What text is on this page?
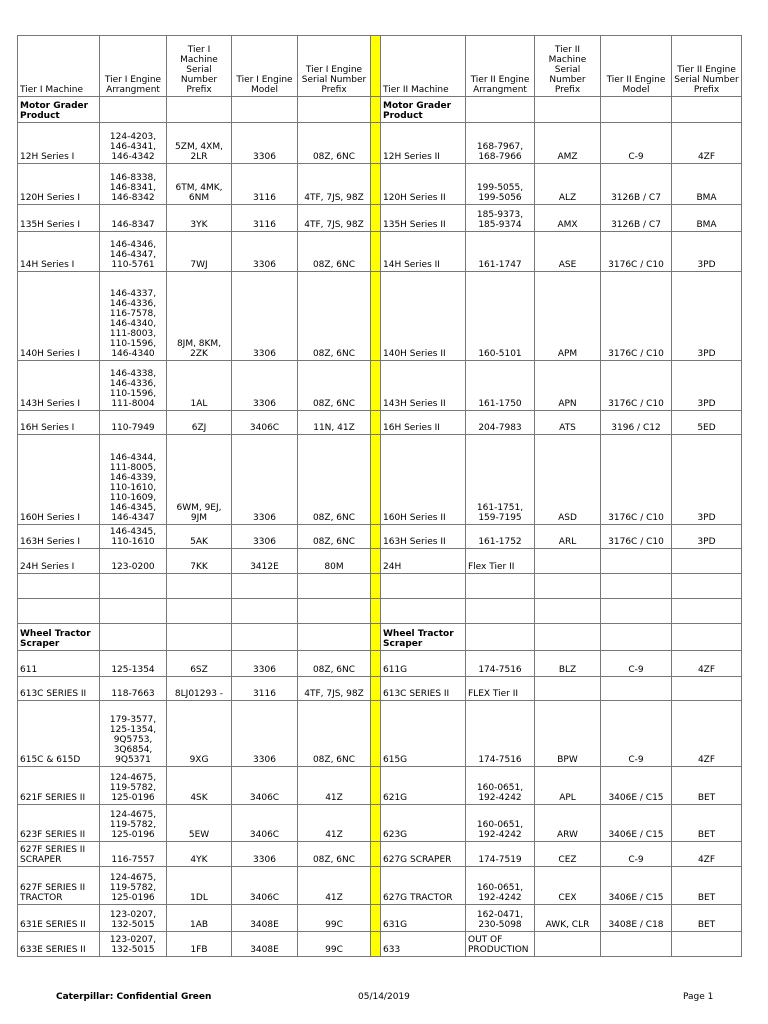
Tier I Machine	Tier I Engine Arrangment	Tier I Machine Serial Number Prefix	Tier I Engine Model	Tier I Engine Serial Number Prefix		Tier II Machine	Tier II Engine Arrangment	Tier II Machine Serial Number Prefix	Tier II Engine Model	Tier II Engine Serial Number Prefix
Motor Grader Product						Motor Grader Product				
12H Series I	124-4203, 146-4341, 146-4342	5ZM, 4XM, 2LR	3306	08Z, 6NC		12H Series II	168-7967, 168-7966	AMZ	C-9	4ZF
120H Series I	146-8338, 146-8341, 146-8342	6TM, 4MK, 6NM	3116	4TF, 7JS, 98Z		120H Series II	199-5055, 199-5056	ALZ	3126B / C7	BMA
135H Series I	146-8347	3YK	3116	4TF, 7JS, 98Z		135H Series II	185-9373, 185-9374	AMX	3126B / C7	BMA
14H Series I	146-4346, 146-4347, 110-5761	7WJ	3306	08Z, 6NC		14H Series II	161-1747	ASE	3176C / C10	3PD
140H Series I	146-4337, 146-4336, 116-7578, 146-4340, 111-8003, 110-1596, 146-4340	8JM, 8KM, 2ZK	3306	08Z, 6NC		140H Series II	160-5101	APM	3176C / C10	3PD
143H Series I	146-4338, 146-4336, 110-1596, 111-8004	1AL	3306	08Z, 6NC		143H Series II	161-1750	APN	3176C / C10	3PD
16H Series I	110-7949	6ZJ	3406C	11N, 41Z		16H Series II	204-7983	ATS	3196 / C12	5ED
160H Series I	146-4344, 111-8005, 146-4339, 110-1610, 110-1609, 146-4345, 146-4347	6WM, 9EJ, 9JM	3306	08Z, 6NC		160H Series II	161-1751, 159-7195	ASD	3176C / C10	3PD
163H Series I	146-4345, 110-1610	5AK	3306	08Z, 6NC		163H Series II	161-1752	ARL	3176C / C10	3PD
24H Series I	123-0200	7KK	3412E	80M		24H	Flex Tier II			

Wheel Tractor Scraper						Wheel Tractor Scraper				
611	125-1354	6SZ	3306	08Z, 6NC		611G	174-7516	BLZ	C-9	4ZF
613C SERIES II	118-7663	8LJ01293 -	3116	4TF, 7JS, 98Z		613C SERIES II	FLEX Tier II			
615C & 615D	179-3577, 125-1354, 9Q5753, 3Q6854, 9Q5371	9XG	3306	08Z, 6NC		615G	174-7516	BPW	C-9	4ZF
621F SERIES II	124-4675, 119-5782, 125-0196	4SK	3406C	41Z		621G	160-0651, 192-4242	APL	3406E / C15	BET
623F SERIES II	124-4675, 119-5782, 125-0196	5EW	3406C	41Z		623G	160-0651, 192-4242	ARW	3406E / C15	BET
627F SERIES II SCRAPER	116-7557	4YK	3306	08Z, 6NC		627G SCRAPER	174-7519	CEZ	C-9	4ZF
627F SERIES II TRACTOR	124-4675, 119-5782, 125-0196	1DL	3406C	41Z		627G TRACTOR	160-0651, 192-4242	CEX	3406E / C15	BET
631E SERIES II	123-0207, 132-5015	1AB	3408E	99C		631G	162-0471, 230-5098	AWK, CLR	3408E / C18	BET
633E SERIES II	123-0207, 132-5015	1FB	3408E	99C		633	OUT OF PRODUCTION			
Caterpillar: Confidential Green	05/14/2019	Page 1
